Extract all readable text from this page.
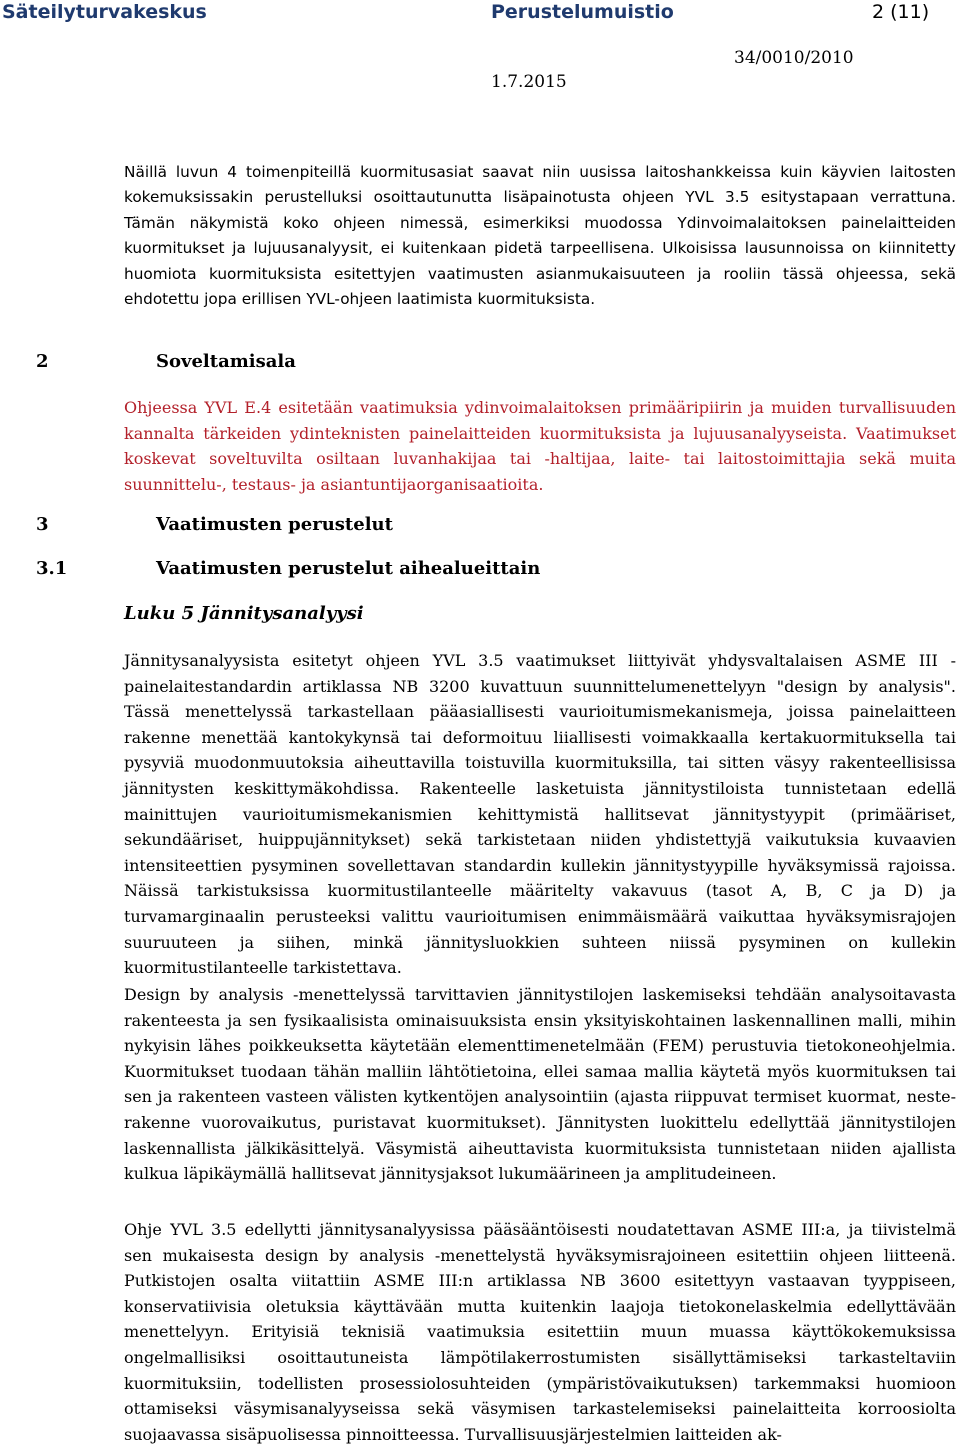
Säteilyturvakeskus	Perustelumuistio	2 (11)
34/0010/2010
1.7.2015

Näillä luvun 4 toimenpiteillä kuormitusasiat saavat niin uusissa laitoshankkeissa kuin käyvien laitosten kokemuksissakin perustelluksi osoittautunutta lisäpainotusta ohjeen YVL 3.5 esitystapaan verrattuna. Tämän näkymistä koko ohjeen nimessä, esimerkiksi muodossa Ydinvoimalaitoksen painelaitteiden kuormitukset ja lujuusanalyysit, ei kuitenkaan pidetä tarpeellisena. Ulkoisissa lausunnoissa on kiinnitetty huomiota kuormituksista esitettyjen vaatimusten asianmukaisuuteen ja rooliin tässä ohjeessa, sekä ehdotettu jopa erillisen YVL-ohjeen laatimista kuormituksista.

2	Soveltamisala

Ohjeessa YVL E.4 esitetään vaatimuksia ydinvoimalaitoksen primääripiirin ja muiden turvallisuuden kannalta tärkeiden ydinteknisten painelaitteiden kuormituksista ja lujuusanalyyseista. Vaatimukset koskevat soveltuvilta osiltaan luvanhakijaa tai -haltijaa, laite- tai laitostoimittajia sekä muita suunnittelu-, testaus- ja asiantuntijaorganisaatioita.

3	Vaatimusten perustelut
3.1	Vaatimusten perustelut aihealueittain
Luku 5 Jännitysanalyysi

Jännitysanalyysista esitetyt ohjeen YVL 3.5 vaatimukset liittyivät yhdysvaltalaisen ASME III -painelaitestandardin artiklassa NB 3200 kuvattuun suunnittelumenettelyyn "design by analysis". Tässä menettelyssä tarkastellaan pääasiallisesti vaurioitumismekanismeja, joissa painelaitteen rakenne menettää kantokykynsä tai deformoituu liiallisesti voimakkaalla kertakuormituksella tai pysyviä muodonmuutoksia aiheuttavilla toistuvilla kuormituksilla, tai sitten väsyy rakenteellisissa jännitysten keskittymäkohdissa. Rakenteelle lasketuista jännitystiloista tunnistetaan edellä mainittujen vaurioitumismekanismien kehittymistä hallitsevat jännitystyypit (primääriset, sekundääriset, huippujännitykset) sekä tarkistetaan niiden yhdistettyjä vaikutuksia kuvaavien intensiteettien pysyminen sovellettavan standardin kullekin jännitystyypille hyväksymissä rajoissa. Näissä tarkistuksissa kuormitustilanteelle määritelty vakavuus (tasot A, B, C ja D) ja turvamarginaalin perusteeksi valittu vaurioitumisen enimmäismäärä vaikuttaa hyväksymisrajojen suuruuteen ja siihen, minkä jännitysluokkien suhteen niissä pysyminen on kullekin kuormitustilanteelle tarkistettava.

Design by analysis -menettelyssä tarvittavien jännitystilojen laskemiseksi tehdään analysoitavasta rakenteesta ja sen fysikaalisista ominaisuuksista ensin yksityiskohtainen laskennallinen malli, mihin nykyisin lähes poikkeuksetta käytetään elementtimenetelmään (FEM) perustuvia tietokoneohjelmia. Kuormitukset tuodaan tähän malliin lähtötietoina, ellei samaa mallia käytetä myös kuormituksen tai sen ja rakenteen vasteen välisten kytkentöjen analysointiin (ajasta riippuvat termiset kuormat, neste-rakenne vuorovaikutus, puristavat kuormitukset). Jännitysten luokittelu edellyttää jännitystilojen laskennallista jälkikäsittelyä. Väsymistä aiheuttavista kuormituksista tunnistetaan niiden ajallista kulkua läpikäymällä hallitsevat jännitysjaksot lukumäärineen ja amplitudeineen.

Ohje YVL 3.5 edellytti jännitysanalyysissa pääsääntöisesti noudatettavan ASME III:a, ja tiivistelmä sen mukaisesta design by analysis -menettelystä hyväksymisrajoineen esitettiin ohjeen liitteenä. Putkistojen osalta viitattiin ASME III:n artiklassa NB 3600 esitettyyn vastaavan tyyppiseen, konservatiivisia oletuksia käyttävään mutta kuitenkin laajoja tietokonelaskelmia edellyttävään menettelyyn. Erityisiä teknisiä vaatimuksia esitettiin muun muassa käyttökokemuksissa ongelmallisiksi osoittautuneista lämpötilakerrostumisten sisällyttämiseksi tarkasteltaviin kuormituksiin, todellisten prosessiolosuhteiden (ympäristövaikutuksen) tarkemmaksi huomioon ottamiseksi väsymisanalyyseissa sekä väsymisen tarkastelemiseksi painelaitteita korroosiolta suojaavassa sisäpuolisessa pinnoitteessa. Turvallisuusjärjestelmien laitteiden ak-
